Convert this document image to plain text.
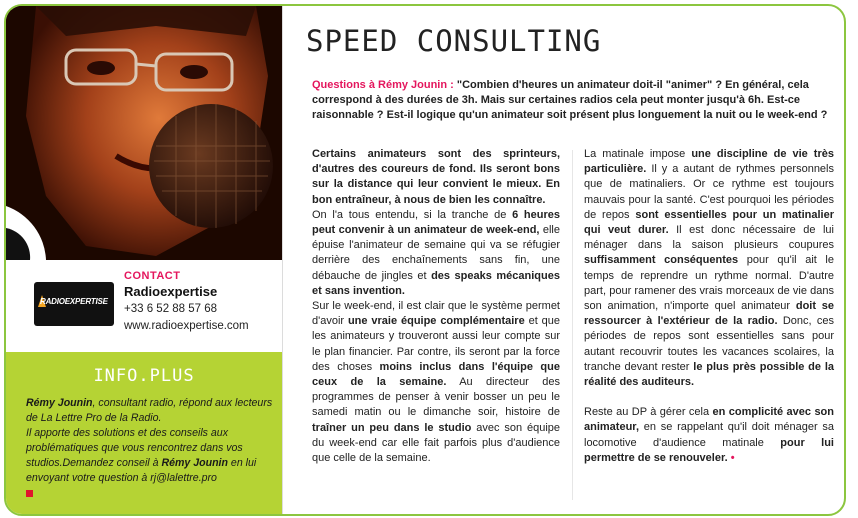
RADIOEXPERTISE
CONTACT
Radioexpertise
+33 6 52 88 57 68
www.radioexpertise.com
INFO.PLUS
Rémy Jounin, consultant radio, répond aux lecteurs de La Lettre Pro de la Radio.
Il apporte des solutions et des conseils aux problématiques que vous rencontrez dans vos studios.Demandez conseil à Rémy Jounin en lui envoyant votre question à rj@lalettre.pro

SPEED CONSULTING
Questions à Rémy Jounin : "Combien d'heures un animateur doit-il "animer" ? En général, cela correspond à des durées de 3h. Mais sur certaines radios cela peut monter jusqu'à 6h. Est-ce raisonnable ? Est-il logique qu'un animateur soit présent plus longuement la nuit ou le week-end ?

Certains animateurs sont des sprinteurs, d'autres des coureurs de fond. Ils seront bons sur la distance qui leur convient le mieux. En bon entraîneur, à nous de bien les connaître.

On l'a tous entendu, si la tranche de 6 heures peut convenir à un animateur de week-end, elle épuise l'animateur de semaine qui va se réfugier derrière des enchaînements sans fin, une débauche de jingles et des speaks mécaniques et sans invention.

Sur le week-end, il est clair que le système permet d'avoir une vraie équipe complémentaire et que les animateurs y trouveront aussi leur compte sur le plan financier. Par contre, ils seront par la force des choses moins inclus dans l'équipe que ceux de la semaine. Au directeur des programmes de penser à venir bosser un peu le samedi matin ou le dimanche soir, histoire de traîner un peu dans le studio avec son équipe du week-end car elle fait parfois plus d'audience que celle de la semaine.

La matinale impose une discipline de vie très particulière. Il y a autant de rythmes personnels que de matinaliers. Or ce rythme est toujours mauvais pour la santé. C'est pourquoi les périodes de repos sont essentielles pour un matinalier qui veut durer. Il est donc nécessaire de lui ménager dans la saison plusieurs coupures suffisamment conséquentes pour qu'il ait le temps de reprendre un rythme normal. D'autre part, pour ramener des vrais morceaux de vie dans son animation, n'importe quel animateur doit se ressourcer à l'extérieur de la radio. Donc, ces périodes de repos sont essentielles sans pour autant recouvrir toutes les vacances scolaires, la tranche devant rester le plus près possible de la réalité des auditeurs.

Reste au DP à gérer cela en complicité avec son animateur, en se rappelant qu'il doit ménager sa locomotive d'audience matinale pour lui permettre de se renouveler. •
